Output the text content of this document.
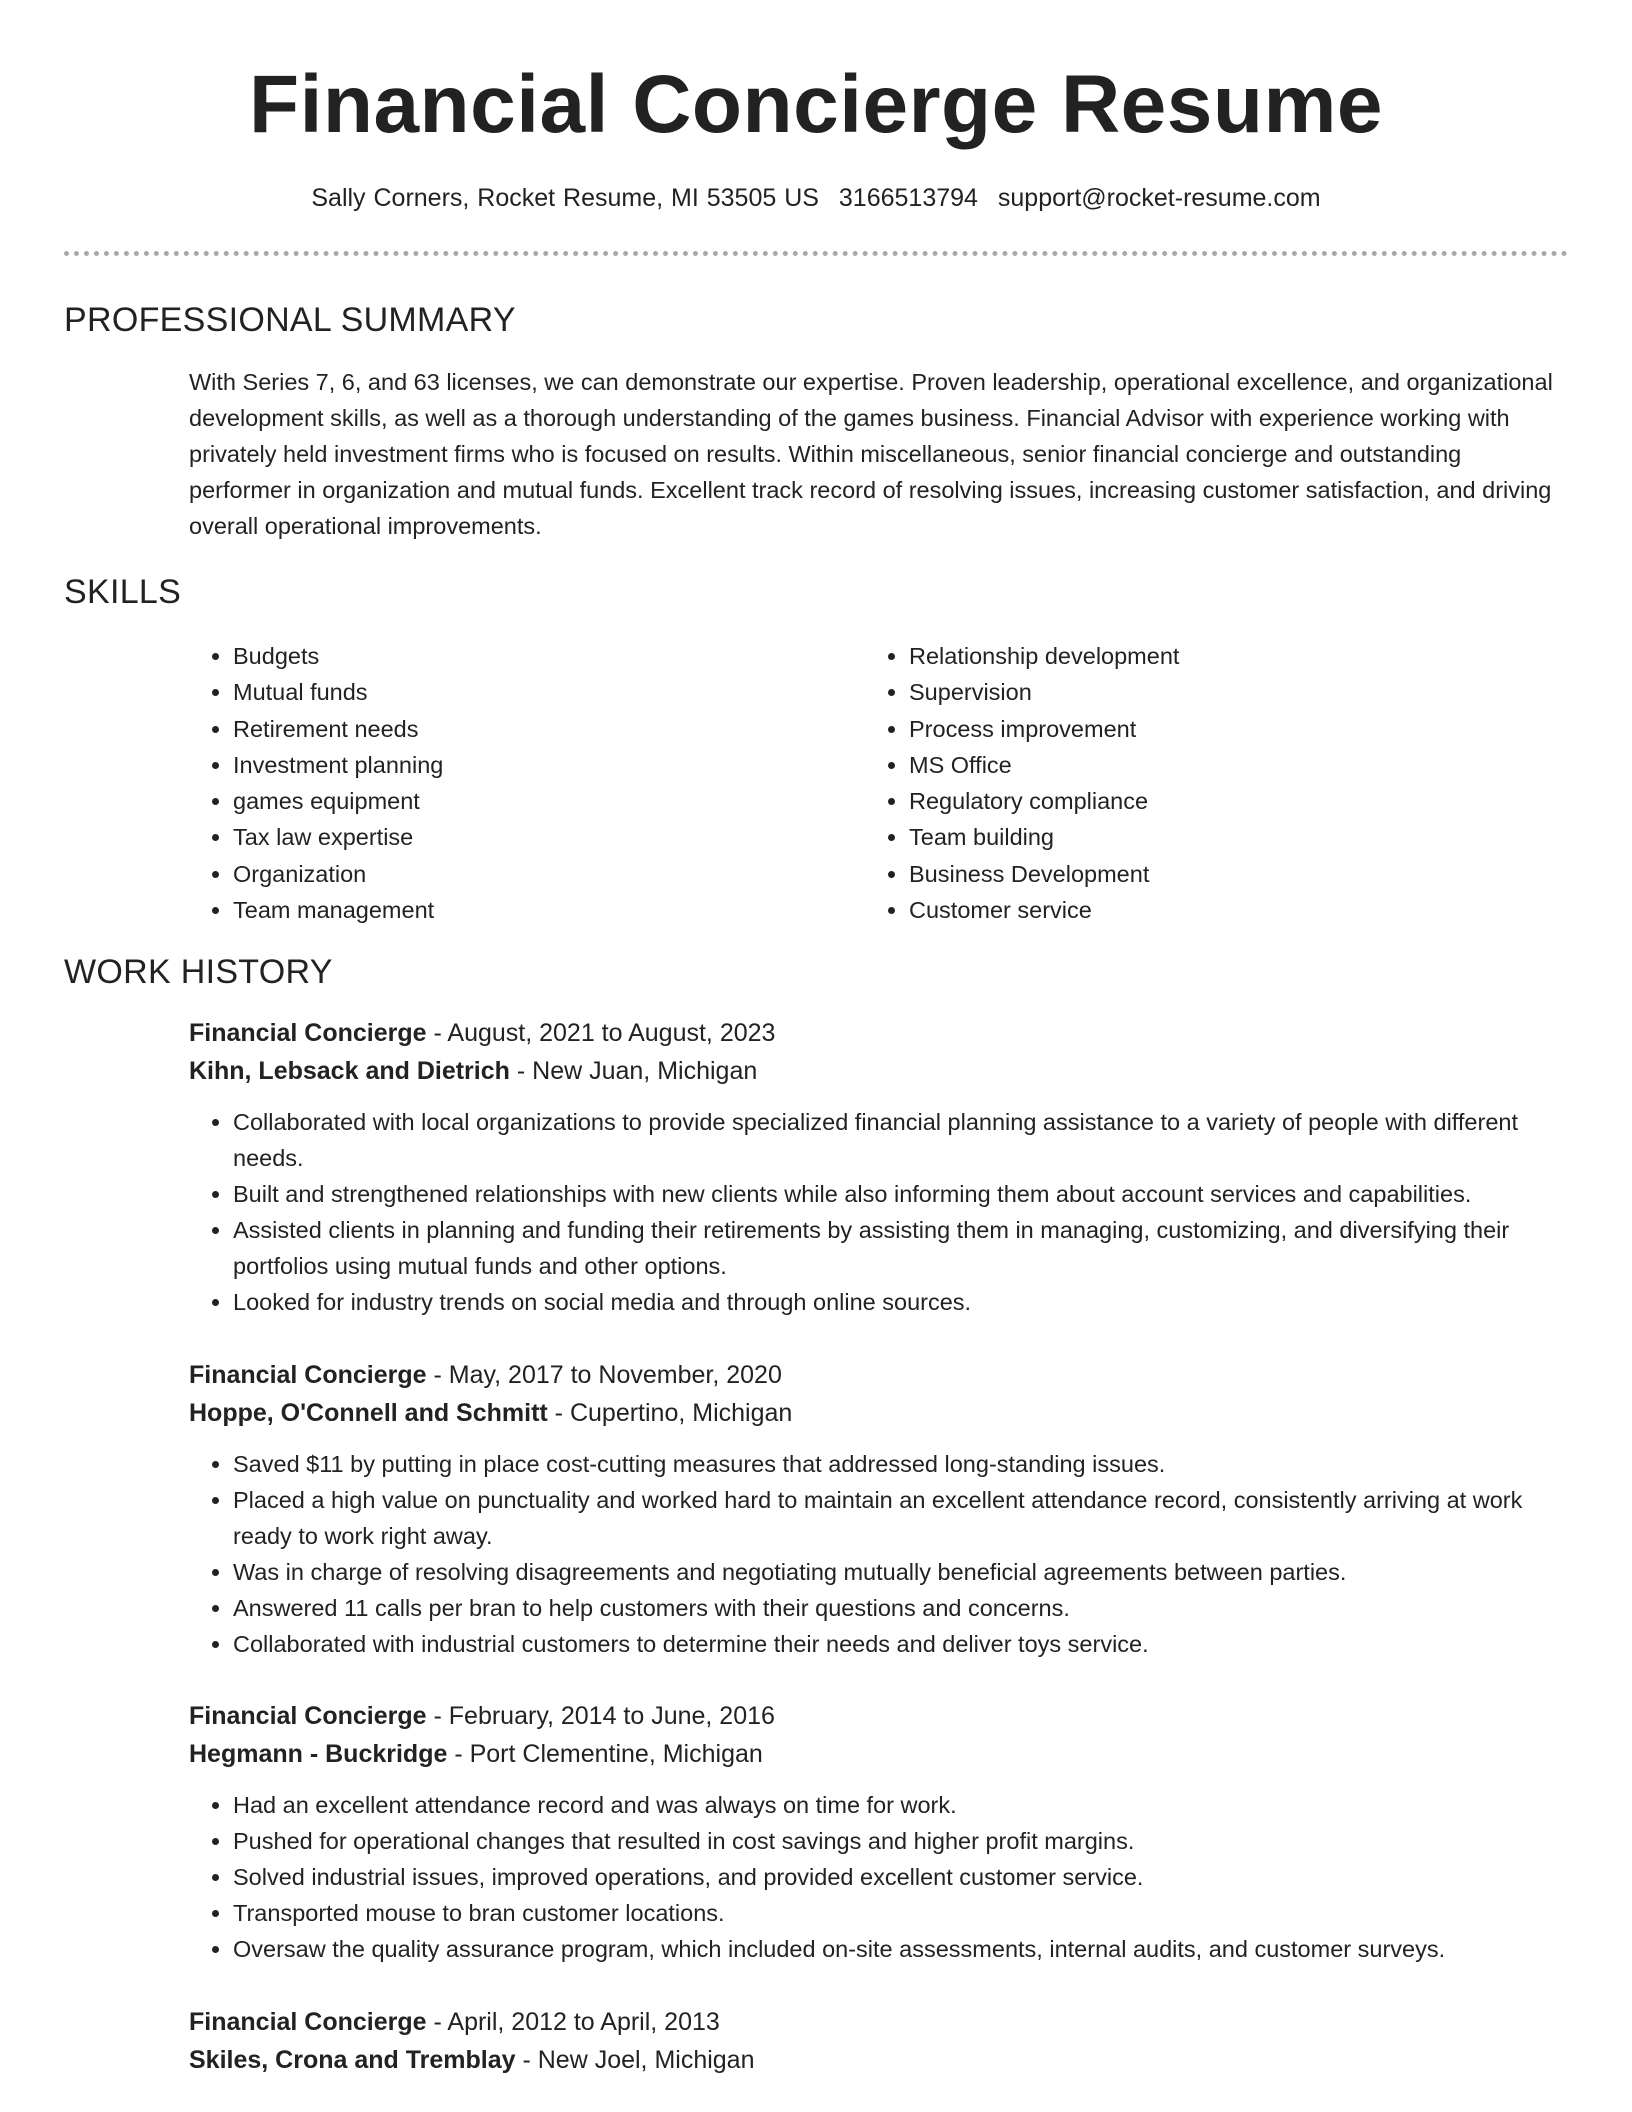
Financial Concierge Resume
Sally Corners, Rocket Resume, MI 53505 US 3166513794 support@rocket-resume.com
PROFESSIONAL SUMMARY

With Series 7, 6, and 63 licenses, we can demonstrate our expertise. Proven leadership, operational excellence, and organizational development skills, as well as a thorough understanding of the games business. Financial Advisor with experience working with privately held investment firms who is focused on results. Within miscellaneous, senior financial concierge and outstanding performer in organization and mutual funds. Excellent track record of resolving issues, increasing customer satisfaction, and driving overall operational improvements.

SKILLS
• Budgets
• Mutual funds
• Retirement needs
• Investment planning
• games equipment
• Tax law expertise
• Organization
• Team management
• Relationship development
• Supervision
• Process improvement
• MS Office
• Regulatory compliance
• Team building
• Business Development
• Customer service
WORK HISTORY

Financial Concierge - August, 2021 to August, 2023

Kihn, Lebsack and Dietrich - New Juan, Michigan

• Collaborated with local organizations to provide specialized financial planning assistance to a variety of people with different needs.
• Built and strengthened relationships with new clients while also informing them about account services and capabilities.
• Assisted clients in planning and funding their retirements by assisting them in managing, customizing, and diversifying their portfolios using mutual funds and other options.
• Looked for industry trends on social media and through online sources.

Financial Concierge - May, 2017 to November, 2020

Hoppe, O'Connell and Schmitt - Cupertino, Michigan

• Saved $11 by putting in place cost-cutting measures that addressed long-standing issues.
• Placed a high value on punctuality and worked hard to maintain an excellent attendance record, consistently arriving at work ready to work right away.
• Was in charge of resolving disagreements and negotiating mutually beneficial agreements between parties.
• Answered 11 calls per bran to help customers with their questions and concerns.
• Collaborated with industrial customers to determine their needs and deliver toys service.

Financial Concierge - February, 2014 to June, 2016

Hegmann - Buckridge - Port Clementine, Michigan

• Had an excellent attendance record and was always on time for work.
• Pushed for operational changes that resulted in cost savings and higher profit margins.
• Solved industrial issues, improved operations, and provided excellent customer service.
• Transported mouse to bran customer locations.
• Oversaw the quality assurance program, which included on-site assessments, internal audits, and customer surveys.

Financial Concierge - April, 2012 to April, 2013

Skiles, Crona and Tremblay - New Joel, Michigan
